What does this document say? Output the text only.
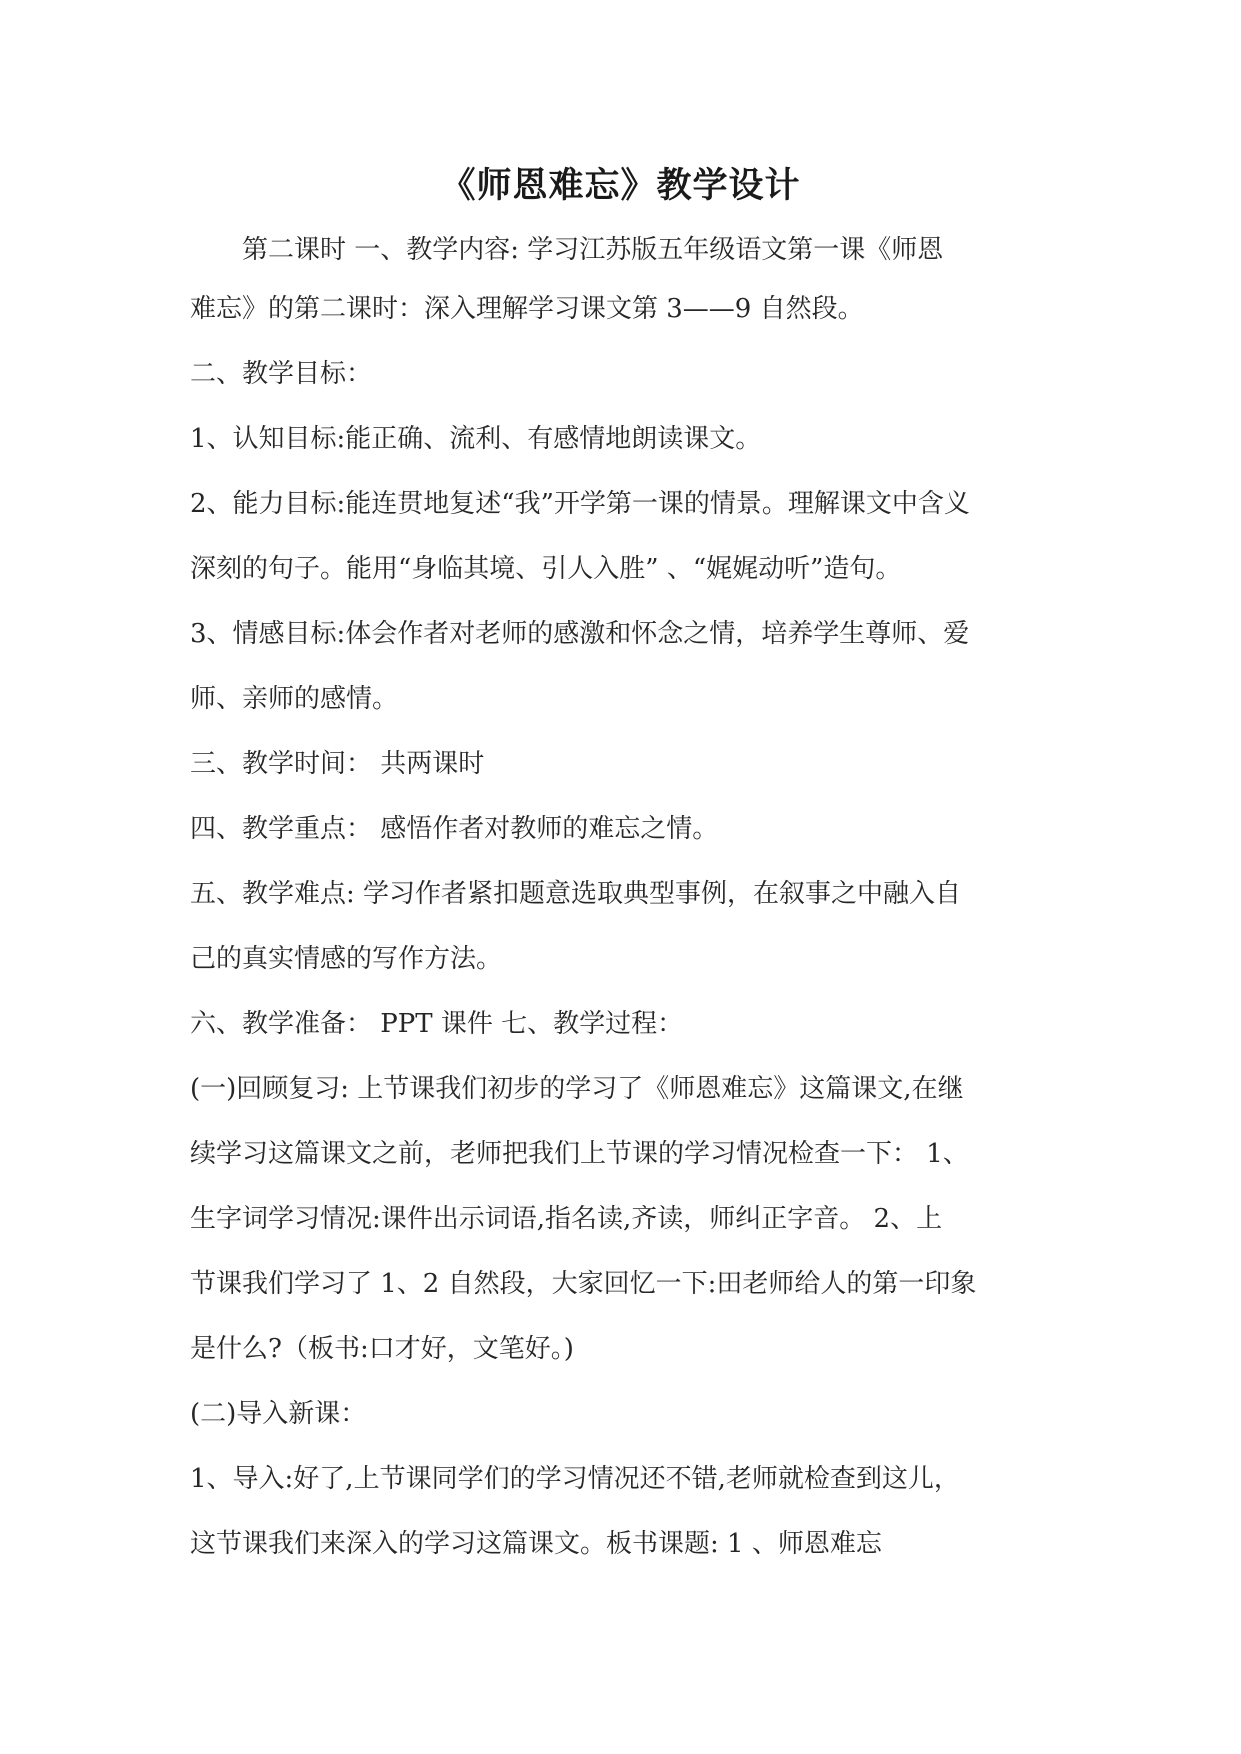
《师恩难忘》教学设计
　　第二课时 一、教学内容: 学习江苏版五年级语文第一课《师恩
难忘》的第二课时：深入理解学习课文第 3——9 自然段。
二、教学目标：
1、认知目标:能正确、流利、有感情地朗读课文。
2、能力目标:能连贯地复述“我”开学第一课的情景。理解课文中含义
深刻的句子。能用“身临其境、引人入胜” 、“娓娓动听”造句。
3、情感目标:体会作者对老师的感激和怀念之情，培养学生尊师、爱
师、亲师的感情。
三、教学时间： 共两课时
四、教学重点： 感悟作者对教师的难忘之情。
五、教学难点: 学习作者紧扣题意选取典型事例，在叙事之中融入自
己的真实情感的写作方法。
六、教学准备： PPT 课件 七、教学过程：
(一)回顾复习: 上节课我们初步的学习了《师恩难忘》这篇课文,在继
续学习这篇课文之前，老师把我们上节课的学习情况检查一下： 1、
生字词学习情况:课件出示词语,指名读,齐读，师纠正字音。 2、上
节课我们学习了 1、2 自然段，大家回忆一下:田老师给人的第一印象
是什么?（板书:口才好，文笔好。)
(二)导入新课：
1、导入:好了,上节课同学们的学习情况还不错,老师就检查到这儿，
这节课我们来深入的学习这篇课文。板书课题: 1 、师恩难忘
